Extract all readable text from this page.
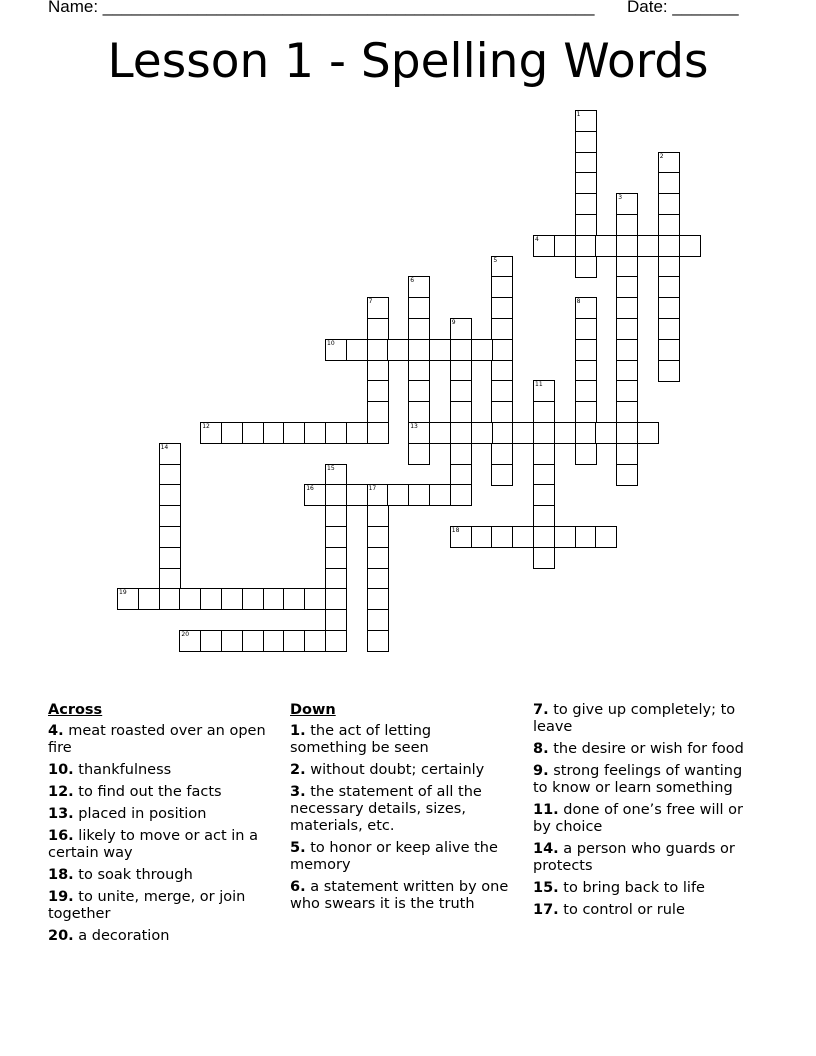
Name: ____________________________________________________ Date: _______
Lesson 1 - Spelling Words
1
2
3
4
5
6
13
7	8
9
10
11
12
14
15
16	17
18
19
20
Across
4. meat roasted over an open fire
10. thankfulness
12. to find out the facts
13. placed in position
16. likely to move or act in a certain way
18. to soak through
19. to unite, merge, or join together
20. a decoration
Down
1. the act of letting something be seen
2. without doubt; certainly
3. the statement of all the necessary details, sizes, materials, etc.
5. to honor or keep alive the memory
6. a statement written by one who swears it is the truth
7. to give up completely; to leave
8. the desire or wish for food
9. strong feelings of wanting to know or learn something
11. done of one’s free will or by choice
14. a person who guards or protects
15. to bring back to life
17. to control or rule
